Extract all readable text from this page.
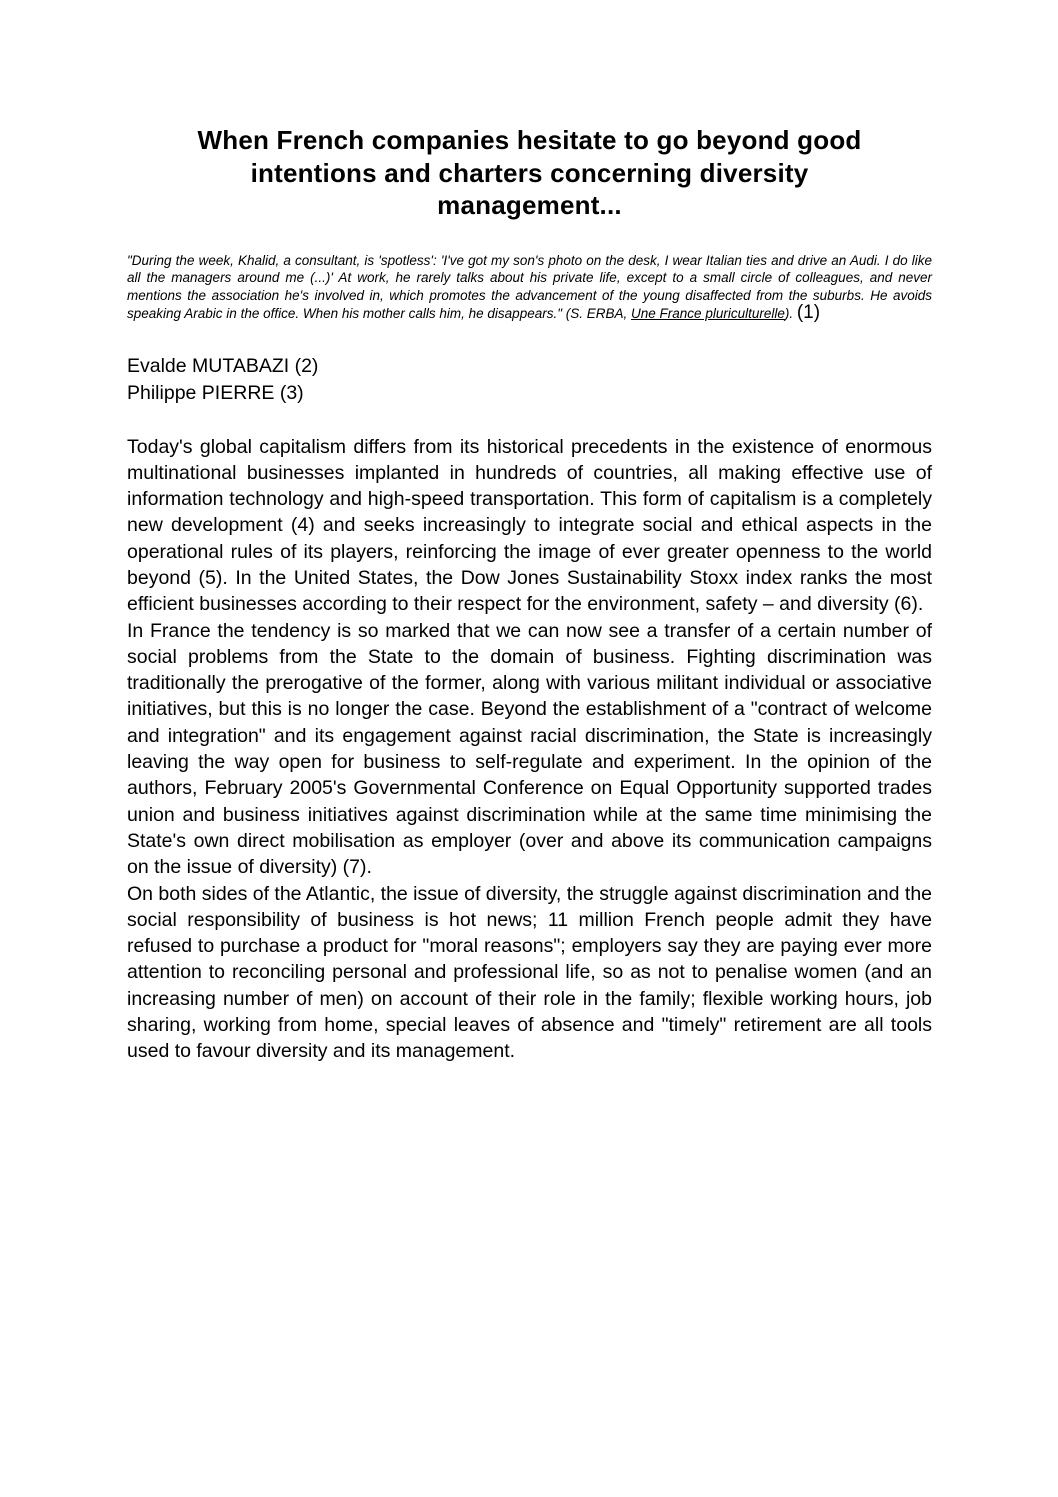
When French companies hesitate to go beyond good
intentions and charters concerning diversity
management...

"During the week, Khalid, a consultant, is 'spotless': 'I've got my son's photo on the desk, I wear Italian ties and drive an Audi. I do like all the managers around me (...)' At work, he rarely talks about his private life, except to a small circle of colleagues, and never mentions the association he's involved in, which promotes the advancement of the young disaffected from the suburbs. He avoids speaking Arabic in the office. When his mother calls him, he disappears." (S. ERBA, Une France pluriculturelle). (1)

Evalde MUTABAZI (2)
Philippe PIERRE (3)

Today's global capitalism differs from its historical precedents in the existence of enormous multinational businesses implanted in hundreds of countries, all making effective use of information technology and high-speed transportation. This form of capitalism is a completely new development (4) and seeks increasingly to integrate social and ethical aspects in the operational rules of its players, reinforcing the image of ever greater openness to the world beyond (5). In the United States, the Dow Jones Sustainability Stoxx index ranks the most efficient businesses according to their respect for the environment, safety – and diversity (6).

In France the tendency is so marked that we can now see a transfer of a certain number of social problems from the State to the domain of business. Fighting discrimination was traditionally the prerogative of the former, along with various militant individual or associative initiatives, but this is no longer the case. Beyond the establishment of a "contract of welcome and integration" and its engagement against racial discrimination, the State is increasingly leaving the way open for business to self-regulate and experiment. In the opinion of the authors, February 2005's Governmental Conference on Equal Opportunity supported trades union and business initiatives against discrimination while at the same time minimising the State's own direct mobilisation as employer (over and above its communication campaigns on the issue of diversity) (7).

On both sides of the Atlantic, the issue of diversity, the struggle against discrimination and the social responsibility of business is hot news; 11 million French people admit they have refused to purchase a product for "moral reasons"; employers say they are paying ever more attention to reconciling personal and professional life, so as not to penalise women (and an increasing number of men) on account of their role in the family; flexible working hours, job sharing, working from home, special leaves of absence and "timely" retirement are all tools used to favour diversity and its management.
